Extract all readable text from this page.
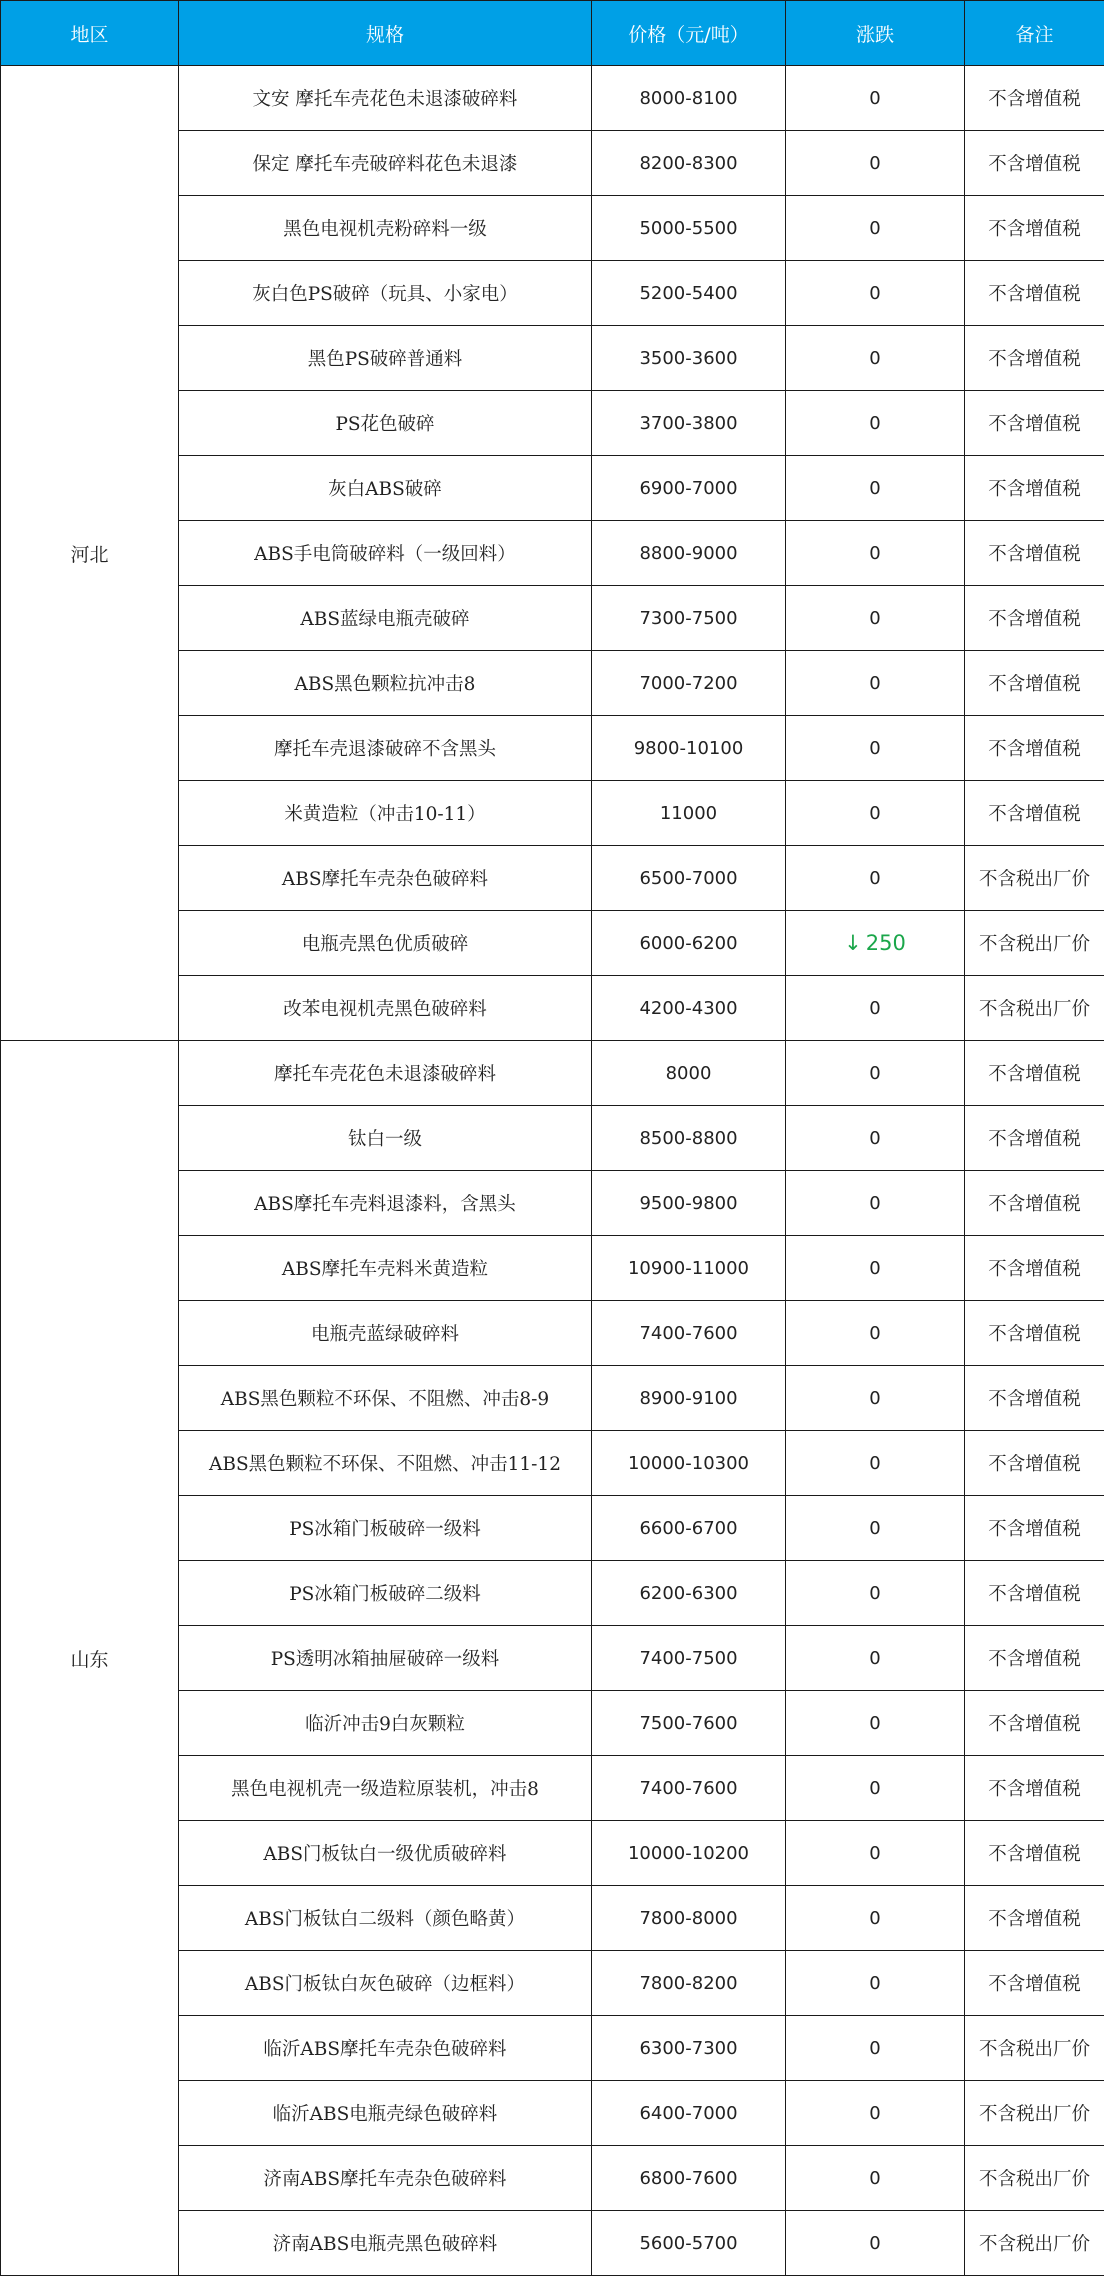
地区	规格	价格（元/吨）	涨跌	备注
河北	文安 摩托车壳花色未退漆破碎料	8000-8100	0	不含增值税
	保定 摩托车壳破碎料花色未退漆	8200-8300	0	不含增值税
	黑色电视机壳粉碎料一级	5000-5500	0	不含增值税
	灰白色PS破碎（玩具、小家电）	5200-5400	0	不含增值税
	黑色PS破碎普通料	3500-3600	0	不含增值税
	PS花色破碎	3700-3800	0	不含增值税
	灰白ABS破碎	6900-7000	0	不含增值税
	ABS手电筒破碎料（一级回料）	8800-9000	0	不含增值税
	ABS蓝绿电瓶壳破碎	7300-7500	0	不含增值税
	ABS黑色颗粒抗冲击8	7000-7200	0	不含增值税
	摩托车壳退漆破碎不含黑头	9800-10100	0	不含增值税
	米黄造粒（冲击10-11）	11000	0	不含增值税
	ABS摩托车壳杂色破碎料	6500-7000	0	不含税出厂价
	电瓶壳黑色优质破碎	6000-6200	↓ 250	不含税出厂价
	改苯电视机壳黑色破碎料	4200-4300	0	不含税出厂价
山东	摩托车壳花色未退漆破碎料	8000	0	不含增值税
	钛白一级	8500-8800	0	不含增值税
	ABS摩托车壳料退漆料，含黑头	9500-9800	0	不含增值税
	ABS摩托车壳料米黄造粒	10900-11000	0	不含增值税
	电瓶壳蓝绿破碎料	7400-7600	0	不含增值税
	ABS黑色颗粒不环保、不阻燃、冲击8-9	8900-9100	0	不含增值税
	ABS黑色颗粒不环保、不阻燃、冲击11-12	10000-10300	0	不含增值税
	PS冰箱门板破碎一级料	6600-6700	0	不含增值税
	PS冰箱门板破碎二级料	6200-6300	0	不含增值税
	PS透明冰箱抽屉破碎一级料	7400-7500	0	不含增值税
	临沂冲击9白灰颗粒	7500-7600	0	不含增值税
	黑色电视机壳一级造粒原装机，冲击8	7400-7600	0	不含增值税
	ABS门板钛白一级优质破碎料	10000-10200	0	不含增值税
	ABS门板钛白二级料（颜色略黄）	7800-8000	0	不含增值税
	ABS门板钛白灰色破碎（边框料）	7800-8200	0	不含增值税
	临沂ABS摩托车壳杂色破碎料	6300-7300	0	不含税出厂价
	临沂ABS电瓶壳绿色破碎料	6400-7000	0	不含税出厂价
	济南ABS摩托车壳杂色破碎料	6800-7600	0	不含税出厂价
	济南ABS电瓶壳黑色破碎料	5600-5700	0	不含税出厂价
